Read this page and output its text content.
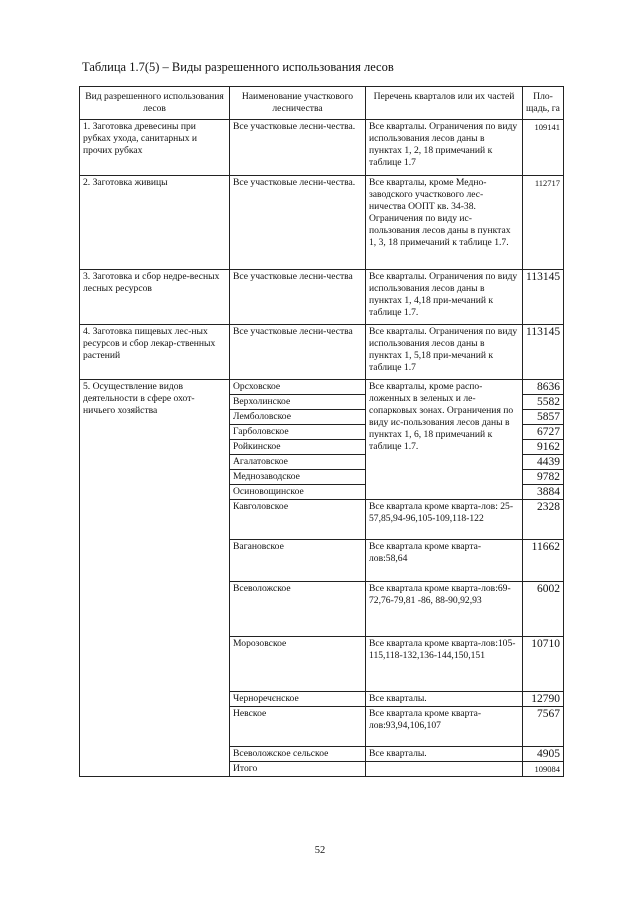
Таблица 1.7(5) – Виды разрешенного использования лесов
Вид разрешенного использования лесов	Наименование участкового лесничества	Перечень кварталов или их частей	Пло-щадь, га
1. Заготовка древесины при рубках ухода, санитарных и прочих рубках	Все участковые лесни-чества.	Все кварталы. Ограничения по виду использования лесов даны в пунктах 1, 2, 18 примечаний к таблице 1.7	109141
2. Заготовка живицы	Все участковые лесни-чества.	Все кварталы, кроме Медно-заводского участкового лес-ничества ООПТ кв. 34-38. Ограничения по виду ис-пользования лесов даны в пунктах 1, 3, 18 примечаний к таблице 1.7.	112717
3. Заготовка и сбор недре-весных лесных ресурсов	Все участковые лесни-чества	Все кварталы. Ограничения по виду использования лесов даны в пунктах 1, 4,18 при-мечаний к таблице 1.7.	113145
4. Заготовка пищевых лес-ных ресурсов и сбор лекар-ственных растений	Все участковые лесни-чества	Все кварталы. Ограничения по виду использования лесов даны в пунктах 1, 5,18 при-мечаний к таблице 1.7	113145
5. Осуществление видов деятельности в сфере охот-ничьего хозяйства	Орсховское	Все кварталы, кроме распо-ложенных в зеленых и ле-сопарковых зонах. Ограничения по виду ис-пользования лесов даны в пунктах 1, 6, 18 примечаний к таблице 1.7.	8636
	Верхолинское		5582
	Лемболовское		5857
	Гарболовское		6727
	Ройкинское		9162
	Агалатовское		4439
	Меднозаводское		9782
	Осиновощинское		3884
	Кавголовское	Все квартала кроме кварта-лов: 25-57,85,94-96,105-109,118-122	2328
	Вагановское	Все квартала кроме кварта-лов:58,64	11662
	Всеволожское	Все квартала кроме кварта-лов:69-72,76-79,81 -86, 88-90,92,93	6002
	Морозовское	Все квартала кроме кварта-лов:105-115,118-132,136-144,150,151	10710
	Черноречєнское	Все кварталы.	12790
	Невское	Все квартала кроме кварта-лов:93,94,106,107	7567
	Всеволожское сельское	Все кварталы.	4905
	Итого		109084
52
